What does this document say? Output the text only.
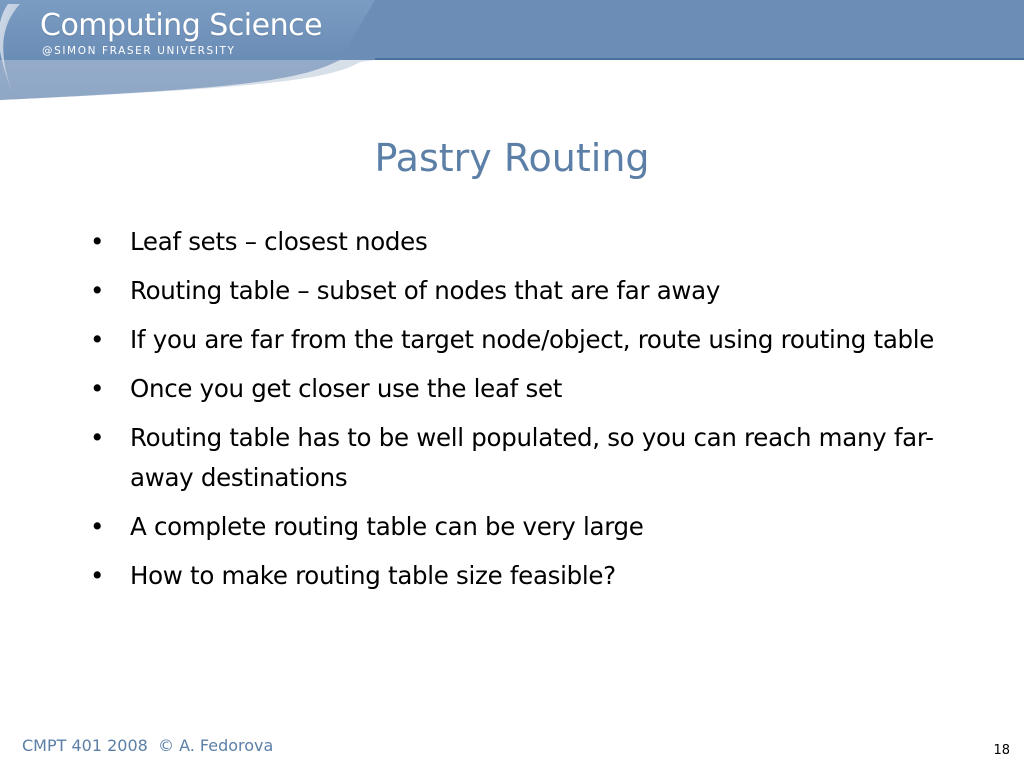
Computing Science
@SIMON FRASER UNIVERSITY
Pastry Routing
•	Leaf sets – closest nodes
•	Routing table – subset of nodes that are far away
•	If you are far from the target node/object, route using routing table
•	Once you get closer use the leaf set
•	Routing table has to be well populated, so you can reach many far-away destinations
•	A complete routing table can be very large
•	How to make routing table size feasible?
CMPT 401 2008  © A. Fedorova	18
